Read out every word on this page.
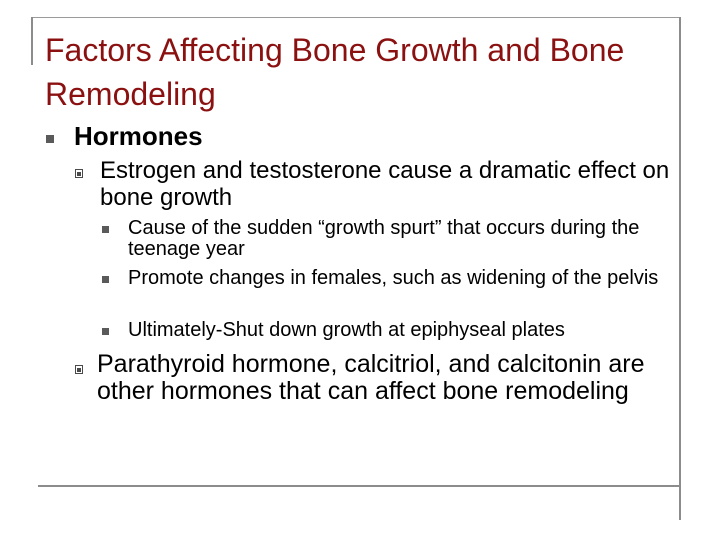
Factors Affecting Bone Growth and Bone Remodeling
Hormones
Estrogen and testosterone cause a dramatic effect on bone growth
Cause of the sudden “growth spurt” that occurs during the teenage year
Promote changes in females, such as widening of the pelvis
Ultimately-Shut down growth at epiphyseal plates
Parathyroid hormone, calcitriol, and calcitonin are other hormones that can affect bone remodeling
